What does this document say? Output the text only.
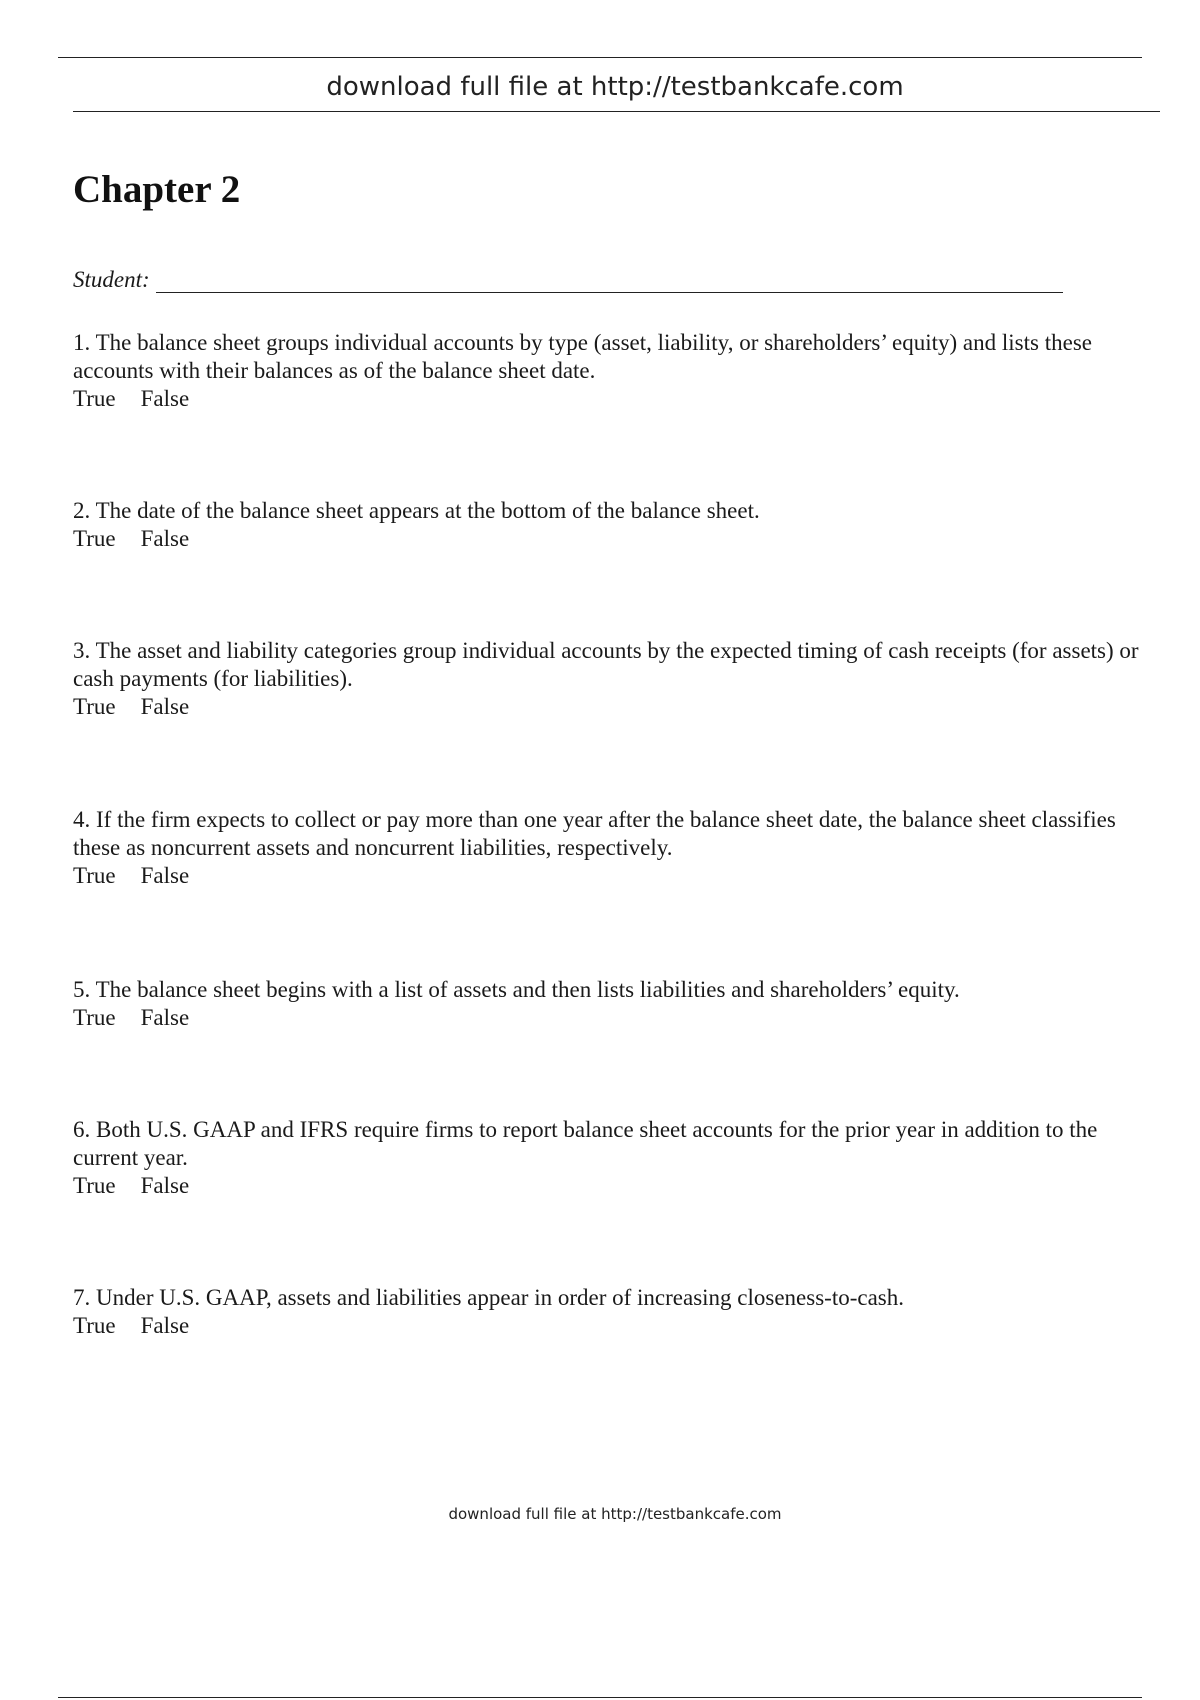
download full file at http://testbankcafe.com
Chapter 2
Student:
1. The balance sheet groups individual accounts by type (asset, liability, or shareholders’ equity) and lists these accounts with their balances as of the balance sheet date.
True False
2. The date of the balance sheet appears at the bottom of the balance sheet.
True False
3. The asset and liability categories group individual accounts by the expected timing of cash receipts (for assets) or cash payments (for liabilities).
True False
4. If the firm expects to collect or pay more than one year after the balance sheet date, the balance sheet classifies these as noncurrent assets and noncurrent liabilities, respectively.
True False
5. The balance sheet begins with a list of assets and then lists liabilities and shareholders’ equity.
True False
6. Both U.S. GAAP and IFRS require firms to report balance sheet accounts for the prior year in addition to the current year.
True False
7. Under U.S. GAAP, assets and liabilities appear in order of increasing closeness-to-cash.
True False
download full file at http://testbankcafe.com
